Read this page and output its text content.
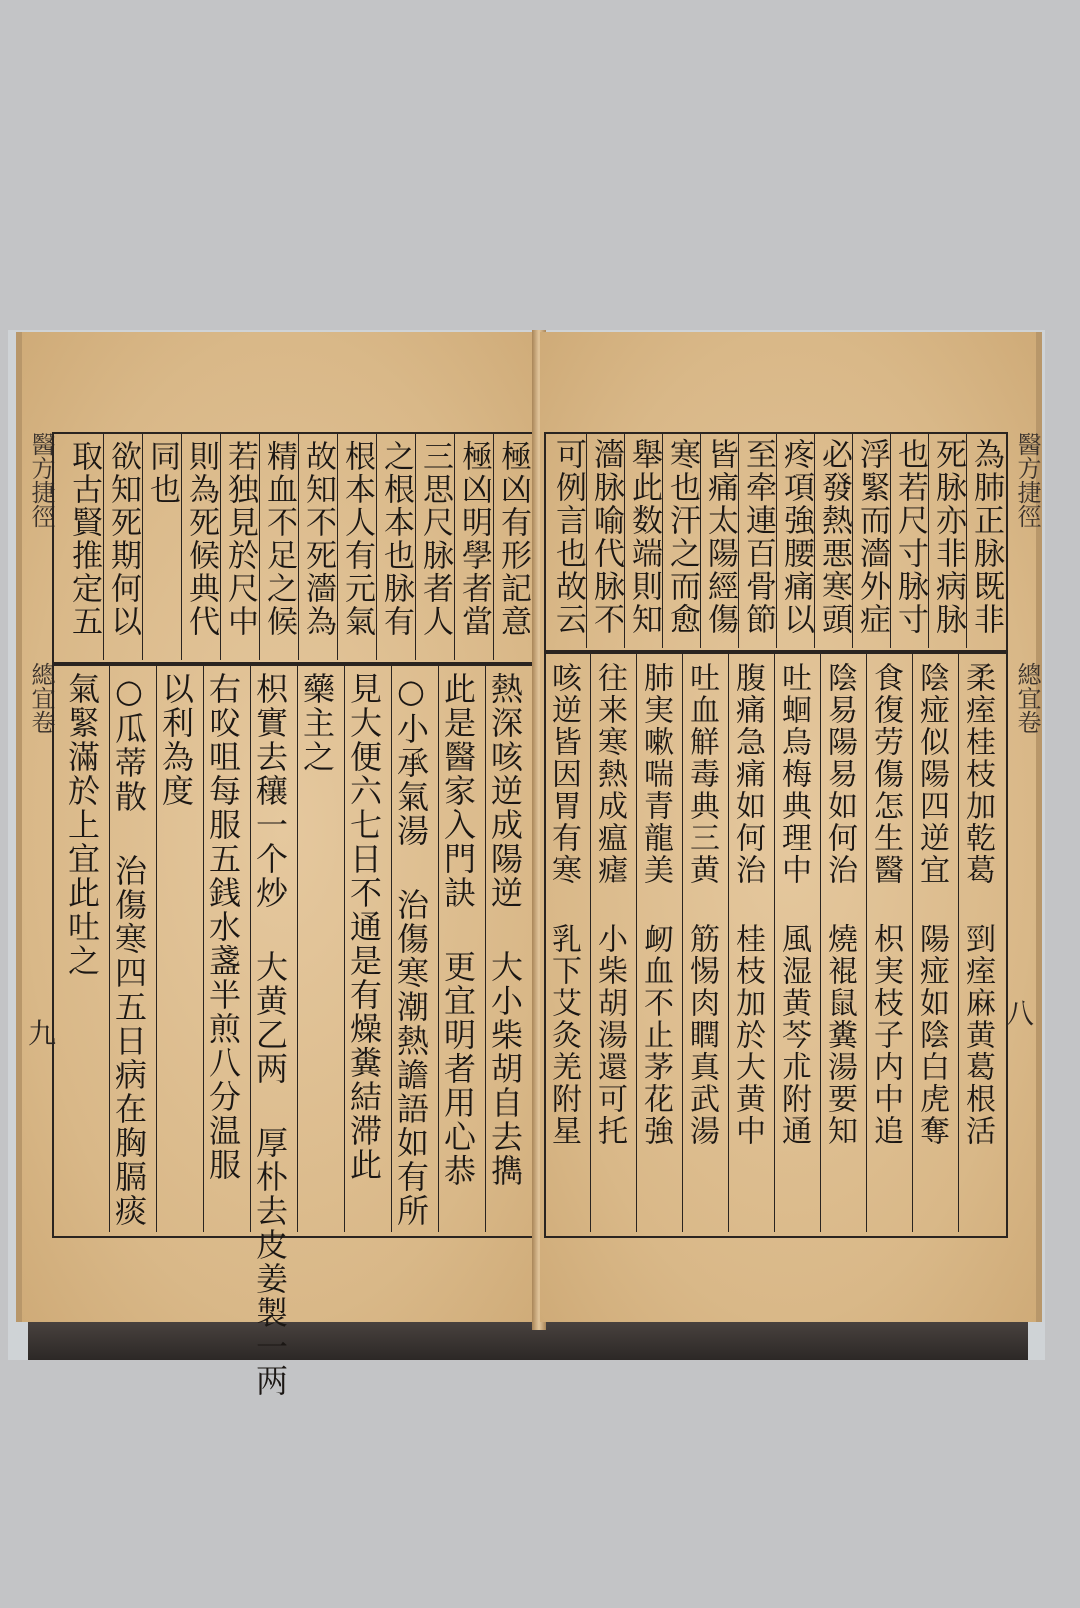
醫方捷徑
總宜卷
九
極凶有形記意
極凶明學者當
三思尺脉者人
之根本也脉有
根本人有元氣
故知不死濇為
精血不足之候
若独見於尺中
則為死候典代
同也
欲知死期何以
取古賢推定五
熱深咳逆成陽逆 大小柴胡自去擕
此是醫家入門訣 更宜明者用心恭
○小承氣湯 治傷寒潮熱譫語如有所
見大便六七日不通是有燥糞結滞此
藥主之
枳實去穰一个炒 大黄乙两 厚朴去皮姜製一两
右㕮咀每服五銭水盞半煎八分温服
以利為度
○瓜蒂散 治傷寒四五日病在胸膈痰
氣緊滿於上宜此吐之
醫方捷徑
總宜卷
八
為肺正脉既非
死脉亦非病脉
也若尺寸脉寸
浮緊而濇外症
必發熱悪寒頭
疼項強腰痛以
至牵連百骨節
皆痛太陽經傷
寒也汗之而愈
舉此数端則知
濇脉喻代脉不
可例言也故云
柔痓桂枝加乾葛 剄痓麻黄葛根活
陰痖似陽四逆宜 陽痖如陰白虎奪
食復劳傷怎生醫 枳実枝子内中追
陰易陽易如何治 燒裩鼠糞湯要知
吐蛔烏梅典理中 風湿黄芩朮附通
腹痛急痛如何治 桂枝加於大黄中
吐血觧毒典三黄 筋惕肉瞤真武湯
肺実嗽喘青龍美 衂血不止茅花強
往来寒熱成瘟瘧 小柴胡湯還可托
咳逆皆因胃有寒 乳下艾灸羌附星
